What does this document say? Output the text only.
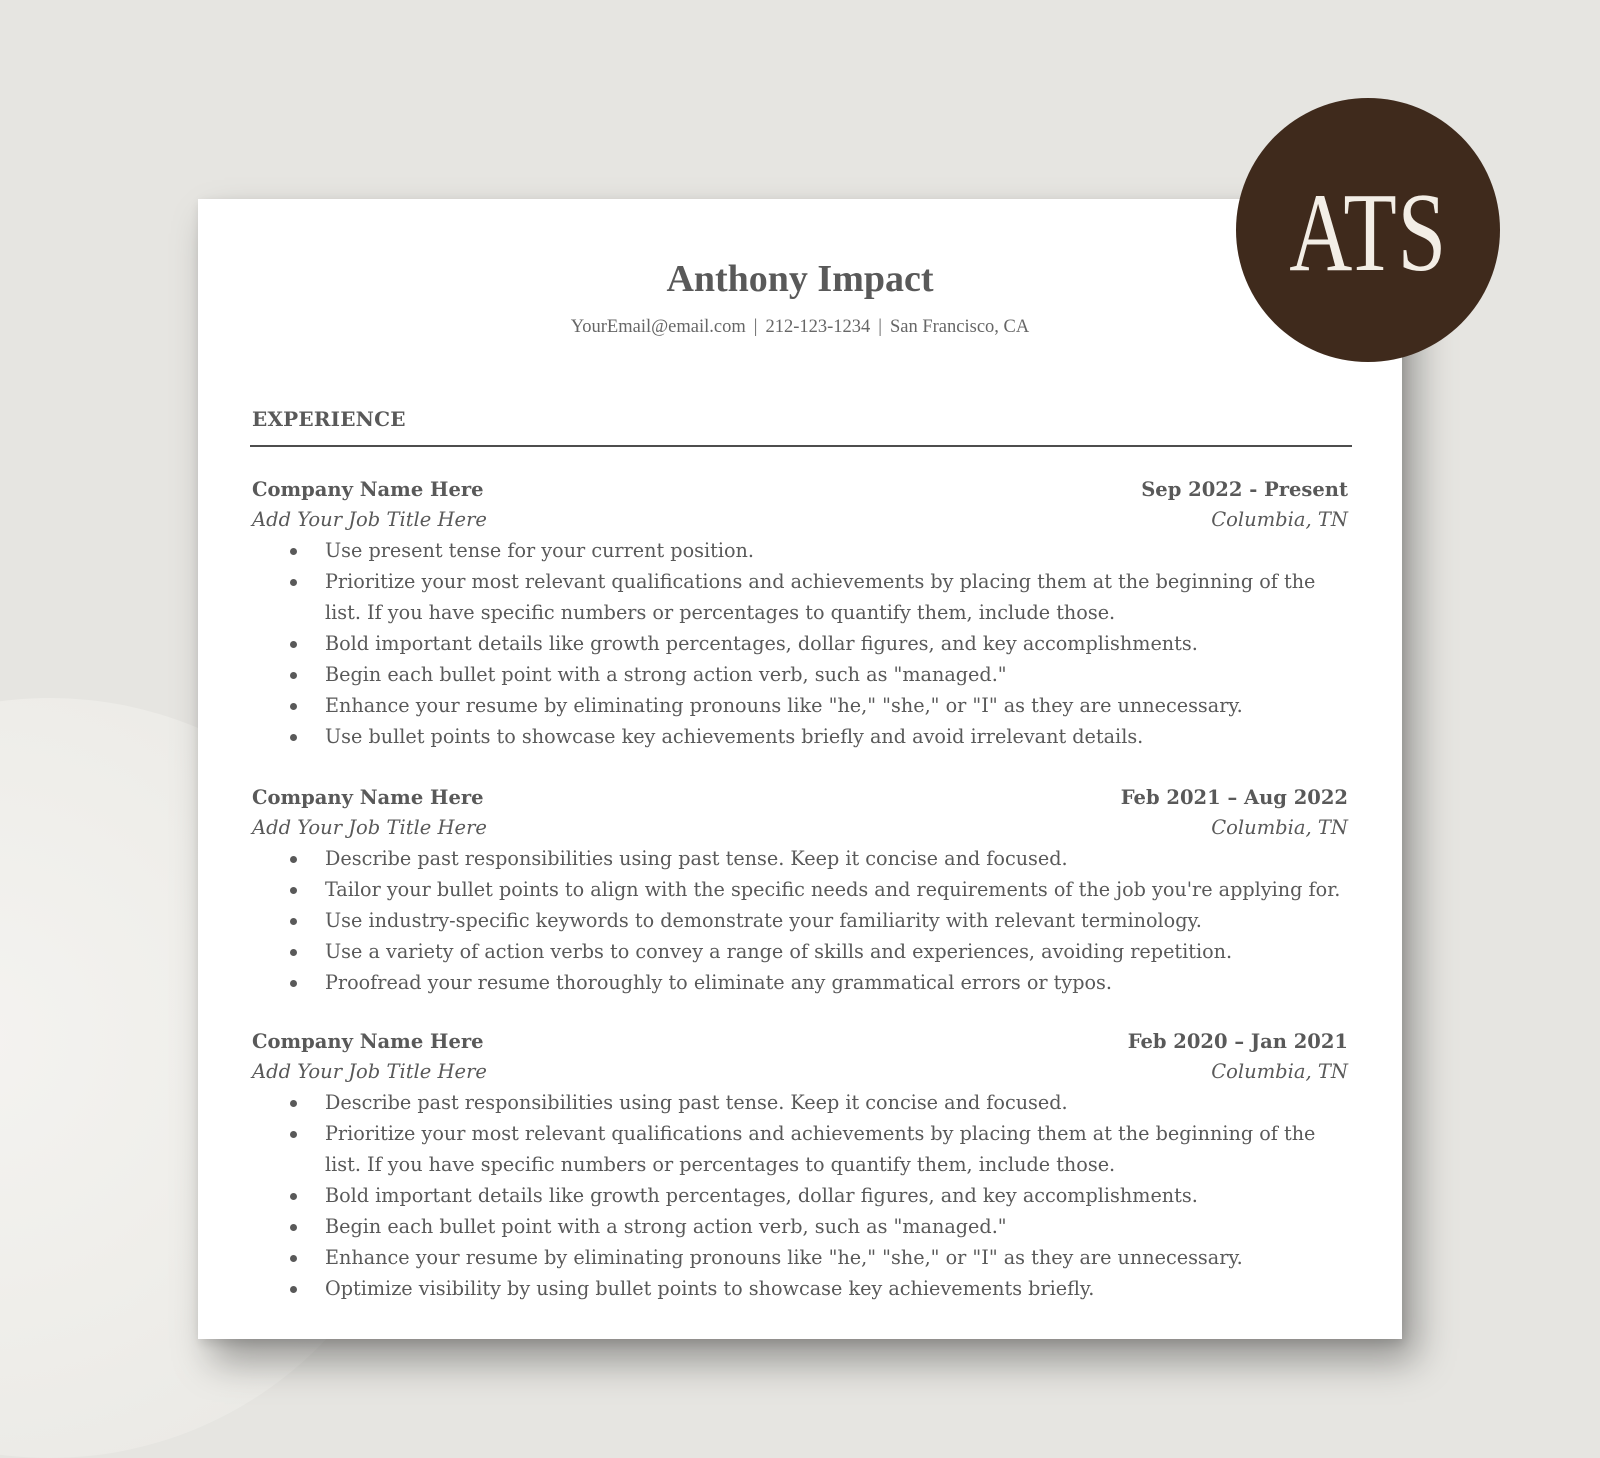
Anthony Impact
YourEmail@email.com | 212-123-1234 | San Francisco, CA
EXPERIENCE
Company Name Here	Sep 2022 - Present
Add Your Job Title Here	Columbia, TN
Use present tense for your current position.
Prioritize your most relevant qualifications and achievements by placing them at the beginning of the list. If you have specific numbers or percentages to quantify them, include those.
Bold important details like growth percentages, dollar figures, and key accomplishments.
Begin each bullet point with a strong action verb, such as "managed."
Enhance your resume by eliminating pronouns like "he," "she," or "I" as they are unnecessary.
Use bullet points to showcase key achievements briefly and avoid irrelevant details.
Company Name Here	Feb 2021 – Aug 2022
Add Your Job Title Here	Columbia, TN
Describe past responsibilities using past tense. Keep it concise and focused.
Tailor your bullet points to align with the specific needs and requirements of the job you're applying for.
Use industry-specific keywords to demonstrate your familiarity with relevant terminology.
Use a variety of action verbs to convey a range of skills and experiences, avoiding repetition.
Proofread your resume thoroughly to eliminate any grammatical errors or typos.
Company Name Here	Feb 2020 – Jan 2021
Add Your Job Title Here	Columbia, TN
Describe past responsibilities using past tense. Keep it concise and focused.
Prioritize your most relevant qualifications and achievements by placing them at the beginning of the list. If you have specific numbers or percentages to quantify them, include those.
Bold important details like growth percentages, dollar figures, and key accomplishments.
Begin each bullet point with a strong action verb, such as "managed."
Enhance your resume by eliminating pronouns like "he," "she," or "I" as they are unnecessary.
Optimize visibility by using bullet points to showcase key achievements briefly.
ATS
